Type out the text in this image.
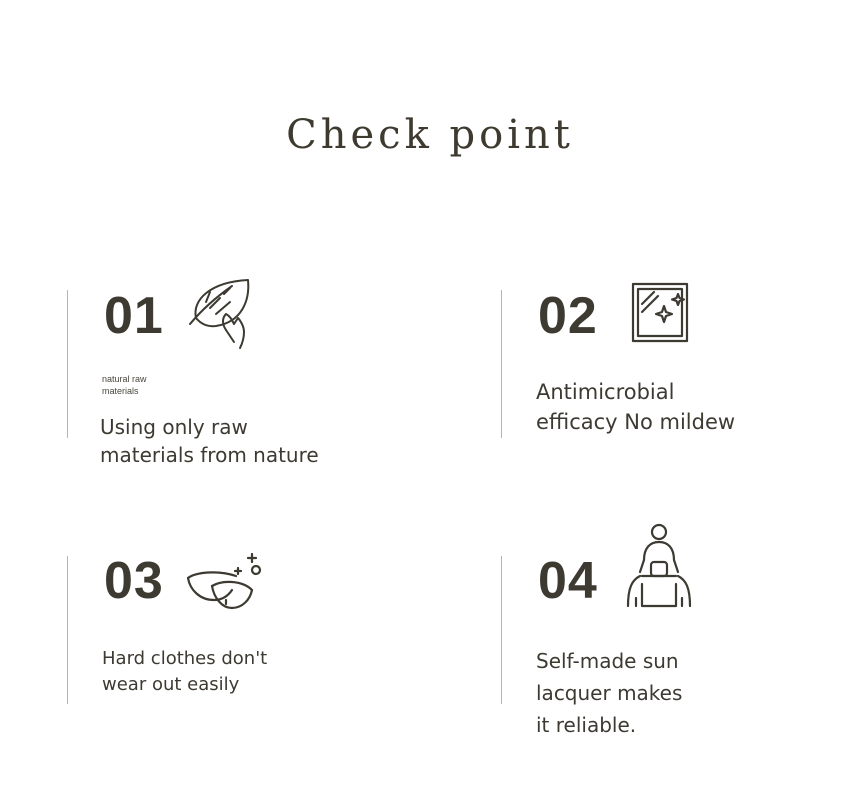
Check point
01
natural raw materials
Using only raw
materials from nature
02
Antimicrobial
efficacy No mildew
03
Hard clothes don't
wear out easily
04
Self-made sun
lacquer makes
it reliable.
